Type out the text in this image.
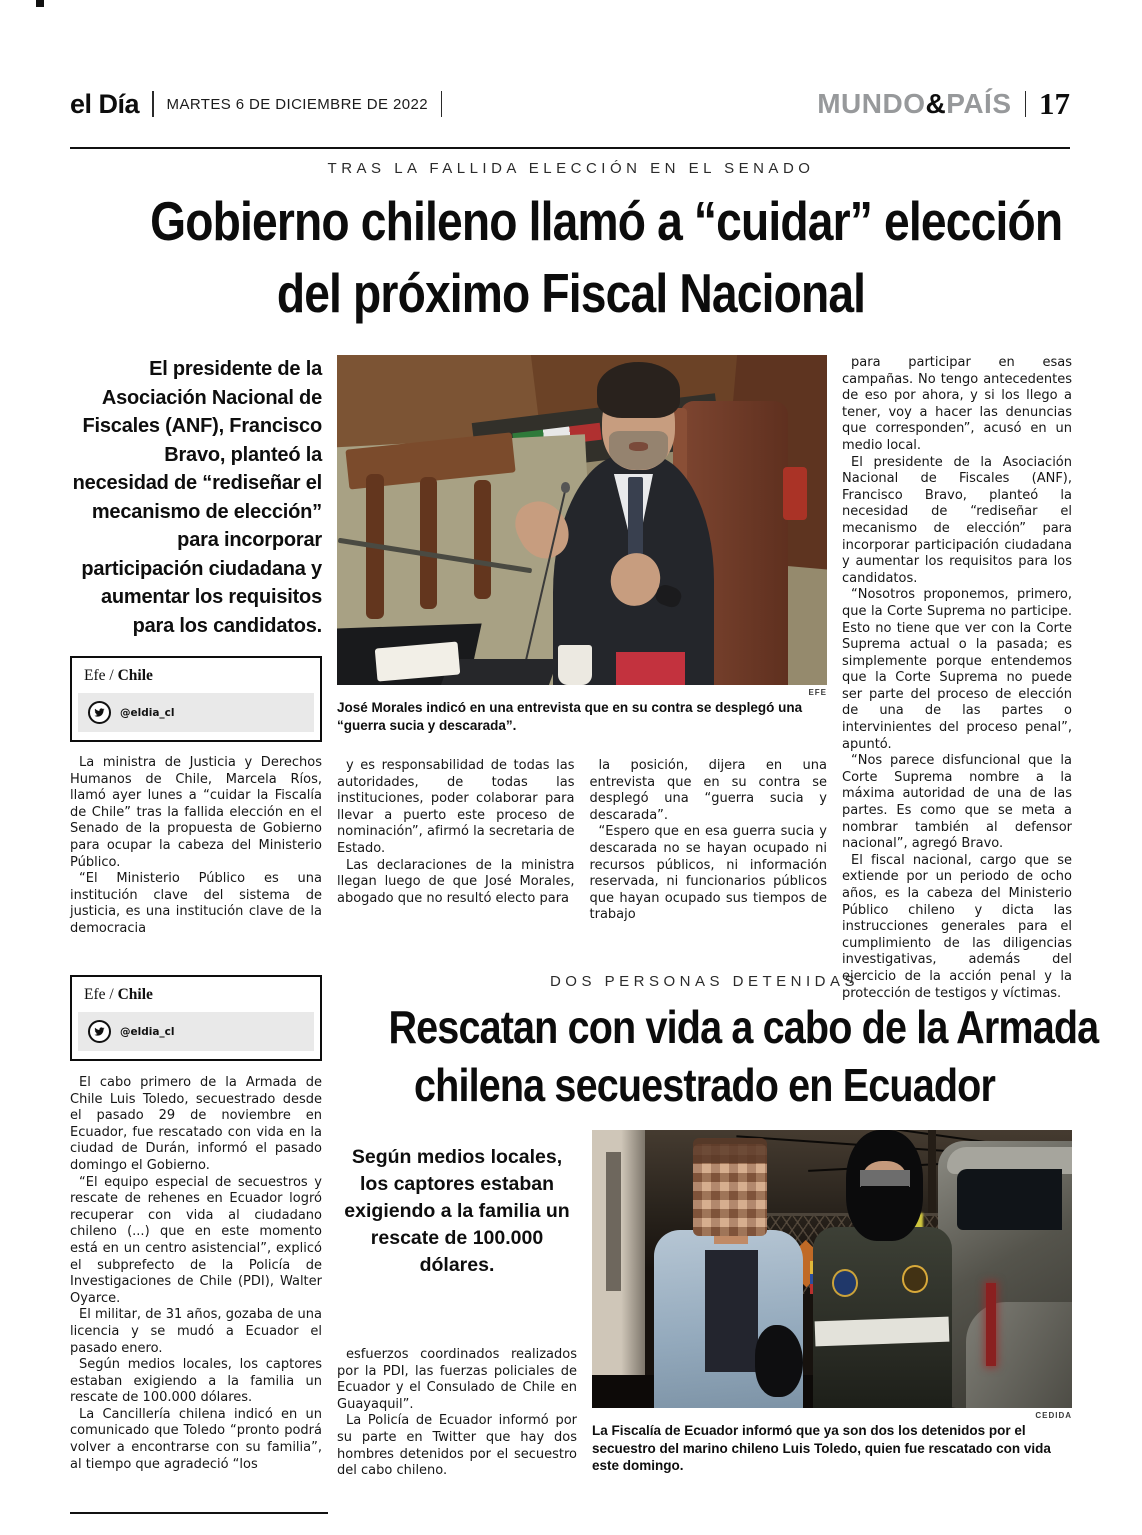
el Día MARTES 6 DE DICIEMBRE DE 2022	MUNDO&PAÍS 17
TRAS LA FALLIDA ELECCIÓN EN EL SENADO
Gobierno chileno llamó a “cuidar” elección
del próximo Fiscal Nacional

El presidente de la Asociación Nacional de Fiscales (ANF), Francisco Bravo, planteó la necesidad de “rediseñar el mecanismo de elección” para incorporar participación ciudadana y aumentar los requisitos para los candidatos.

Efe / Chile
@eldia_cl

La ministra de Justicia y Derechos Humanos de Chile, Marcela Ríos, llamó ayer lunes a “cuidar la Fiscalía de Chile” tras la fallida elección en el Senado de la propuesta de Gobierno para ocupar la cabeza del Ministerio Público.

“El Ministerio Público es una institución clave del sistema de justicia, es una institución clave de la democracia

EFE
José Morales indicó en una entrevista que en su contra se desplegó una “guerra sucia y descarada”.

y es responsabilidad de todas las autoridades, de todas las instituciones, poder colaborar para llevar a puerto este proceso de nominación”, afirmó la secretaria de Estado.

Las declaraciones de la ministra llegan luego de que José Morales, abogado que no resultó electo para

la posición, dijera en una entrevista que en su contra se desplegó una “guerra sucia y descarada”.

“Espero que en esa guerra sucia y descarada no se hayan ocupado ni recursos públicos, ni información reservada, ni funcionarios públicos que hayan ocupado sus tiempos de trabajo

para participar en esas campañas. No tengo antecedentes de eso por ahora, y si los llego a tener, voy a hacer las denuncias que corresponden”, acusó en un medio local.

El presidente de la Asociación Nacional de Fiscales (ANF), Francisco Bravo, planteó la necesidad de “rediseñar el mecanismo de elección” para incorporar participación ciudadana y aumentar los requisitos para los candidatos.

“Nosotros proponemos, primero, que la Corte Suprema no participe. Esto no tiene que ver con la Corte Suprema actual o la pasada; es simplemente porque entendemos que la Corte Suprema no puede ser parte del proceso de elección de una de las partes o intervinientes del proceso penal”, apuntó.

“Nos parece disfuncional que la Corte Suprema nombre a la máxima autoridad de una de las partes. Es como que se meta a nombrar también al defensor nacional”, agregó Bravo.

El fiscal nacional, cargo que se extiende por un periodo de ocho años, es la cabeza del Ministerio Público chileno y dicta las instrucciones generales para el cumplimiento de las diligencias investigativas, además del ejercicio de la acción penal y la protección de testigos y víctimas.

Efe / Chile
@eldia_cl

El cabo primero de la Armada de Chile Luis Toledo, secuestrado desde el pasado 29 de noviembre en Ecuador, fue rescatado con vida en la ciudad de Durán, informó el pasado domingo el Gobierno.

“El equipo especial de secuestros y rescate de rehenes en Ecuador logró recuperar con vida al ciudadano chileno (...) que en este momento está en un centro asistencial”, explicó el subprefecto de la Policía de Investigaciones de Chile (PDI), Walter Oyarce.

El militar, de 31 años, gozaba de una licencia y se mudó a Ecuador el pasado enero.

Según medios locales, los captores estaban exigiendo a la familia un rescate de 100.000 dólares.

La Cancillería chilena indicó en un comunicado que Toledo “pronto podrá volver a encontrarse con su familia”, al tiempo que agradeció “los

DOS PERSONAS DETENIDAS
Rescatan con vida a cabo de la Armada
chilena secuestrado en Ecuador

Según medios locales, los captores estaban exigiendo a la familia un rescate de 100.000 dólares.

esfuerzos coordinados realizados por la PDI, las fuerzas policiales de Ecuador y el Consulado de Chile en Guayaquil”.

La Policía de Ecuador informó por su parte en Twitter que hay dos hombres detenidos por el secuestro del cabo chileno.

CEDIDA
La Fiscalía de Ecuador informó que ya son dos los detenidos por el secuestro del marino chileno Luis Toledo, quien fue rescatado con vida este domingo.
